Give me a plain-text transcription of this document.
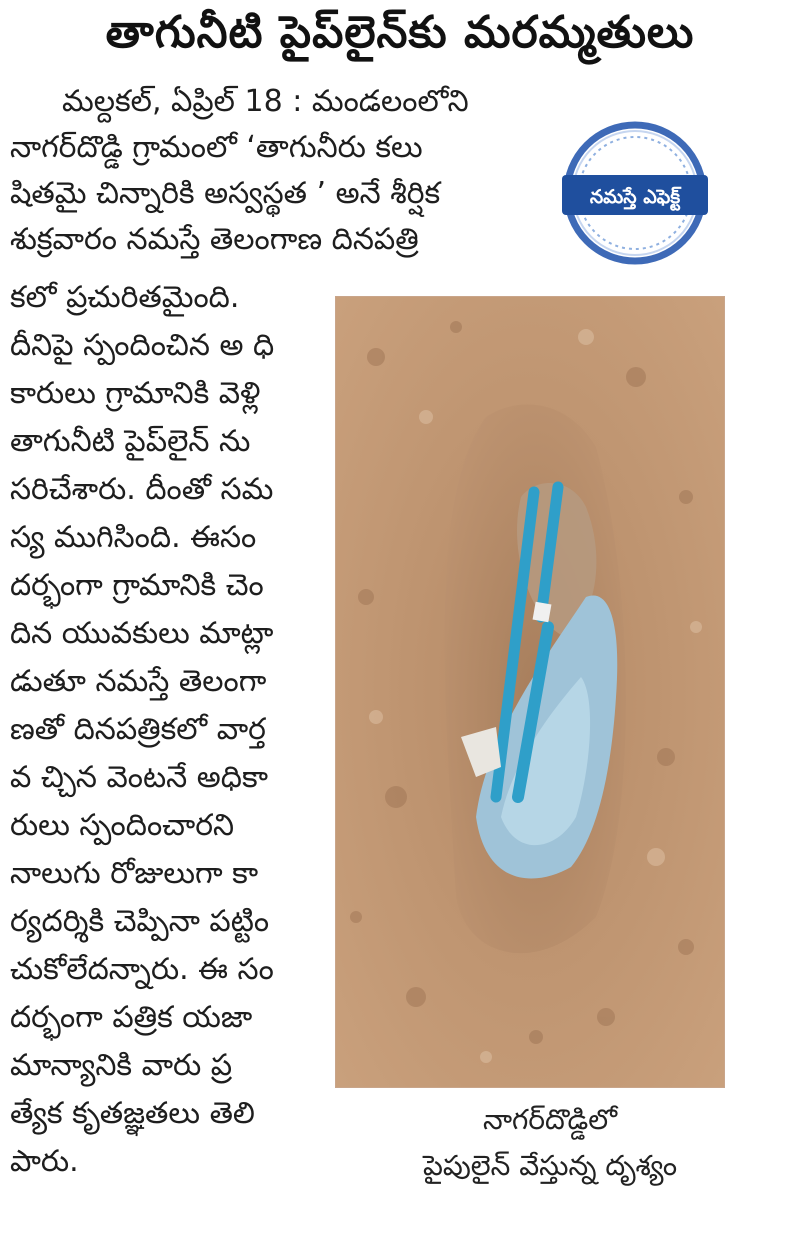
తాగునీటి పైప్‌లైన్‌కు మరమ్మతులు
మల్దకల్, ఏప్రిల్ 18 : మండలంలోని
నాగర్‌దొడ్డి గ్రామంలో ‘తాగునీరు కలు
షితమై చిన్నారికి అస్వస్థత ’ అనే శీర్షిక
శుక్రవారం నమస్తే తెలంగాణ దినపత్రి
కలో ప్రచురితమైంది.
దీనిపై స్పందించిన అ ధి
కారులు గ్రామానికి వెళ్లి
తాగునీటి పైప్‌లైన్ ను
సరిచేశారు. దీంతో సమ
స్య ముగిసింది. ఈసం
దర్భంగా గ్రామానికి చెం
దిన యువకులు మాట్లా
డుతూ నమస్తే తెలంగా
ణతో దినపత్రికలో వార్త
వ చ్చిన వెంటనే అధికా
రులు స్పందించారని
నాలుగు రోజులుగా కా
ర్యదర్శికి చెప్పినా పట్టిం
చుకోలేదన్నారు. ఈ సం
దర్భంగా పత్రిక యజా
మాన్యానికి వారు ప్ర
త్యేక కృతజ్ఞతలు తెలి
పారు.
నమస్తే ఎఫెక్ట్
నాగర్‌దొడ్డిలో
పైపులైన్ వేస్తున్న దృశ్యం
